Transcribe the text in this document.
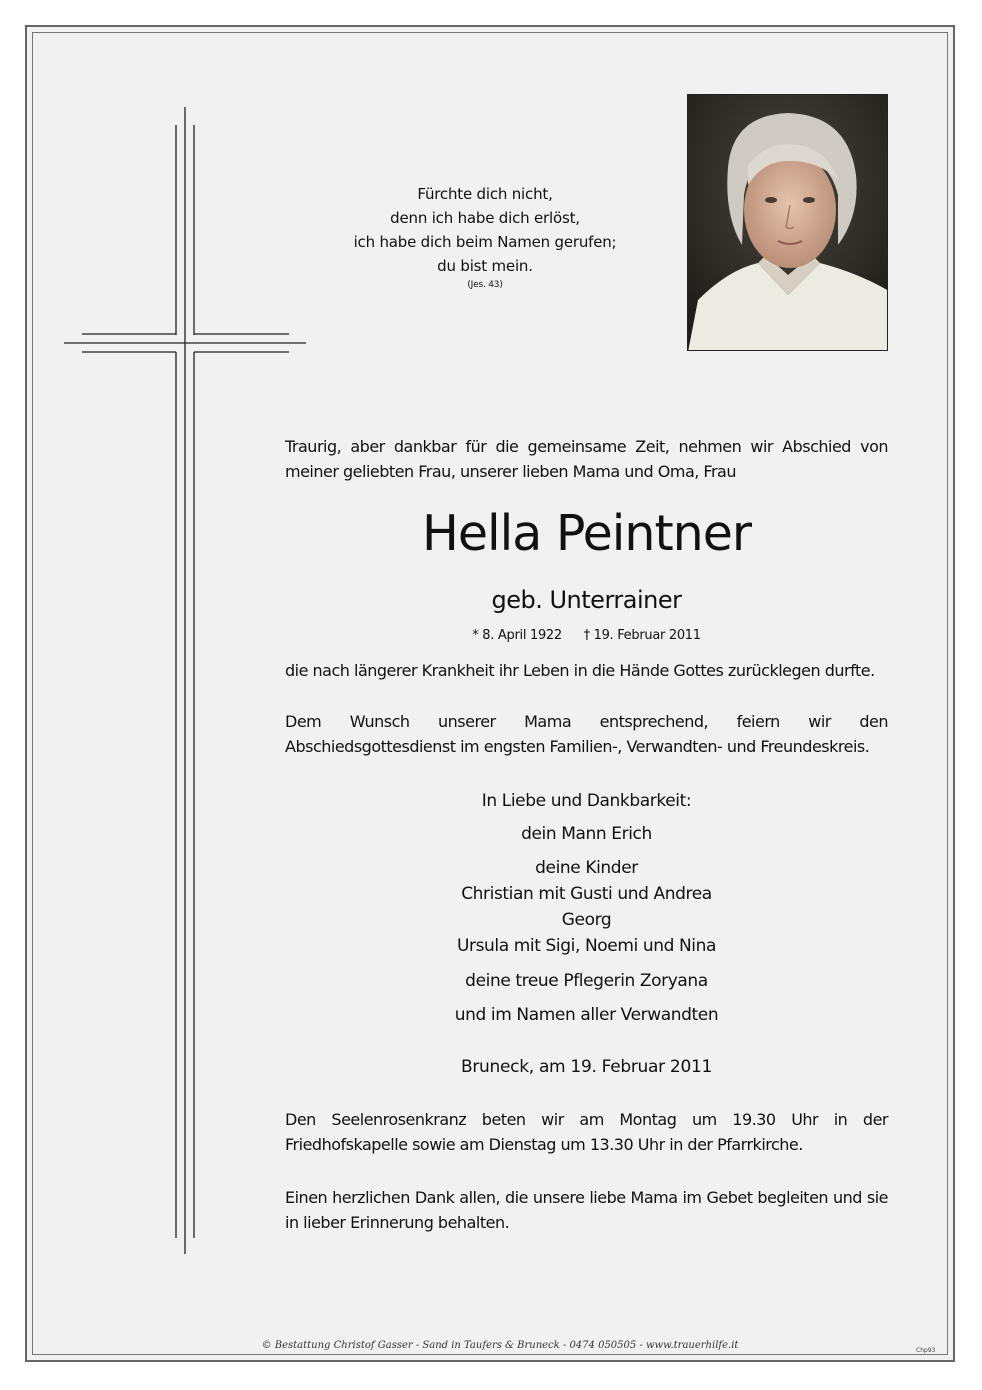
Fürchte dich nicht,
denn ich habe dich erlöst,
ich habe dich beim Namen gerufen;
du bist mein.
(Jes. 43)
Traurig, aber dankbar für die gemeinsame Zeit, nehmen wir Abschied von meiner geliebten Frau, unserer lieben Mama und Oma, Frau
Hella Peintner
geb. Unterrainer
* 8. April 1922 † 19. Februar 2011
die nach längerer Krankheit ihr Leben in die Hände Gottes zurücklegen durfte.
Dem Wunsch unserer Mama entsprechend, feiern wir den Abschiedsgottesdienst im engsten Familien-, Verwandten- und Freundeskreis.
In Liebe und Dankbarkeit:
dein Mann Erich
deine Kinder
Christian mit Gusti und Andrea
Georg
Ursula mit Sigi, Noemi und Nina
deine treue Pflegerin Zoryana
und im Namen aller Verwandten
Bruneck, am 19. Februar 2011
Den Seelenrosenkranz beten wir am Montag um 19.30 Uhr in der Friedhofskapelle sowie am Dienstag um 13.30 Uhr in der Pfarrkirche.
Einen herzlichen Dank allen, die unsere liebe Mama im Gebet begleiten und sie in lieber Erinnerung behalten.
© Bestattung Christof Gasser - Sand in Taufers & Bruneck - 0474 050505 - www.trauerhilfe.it	Chp93
